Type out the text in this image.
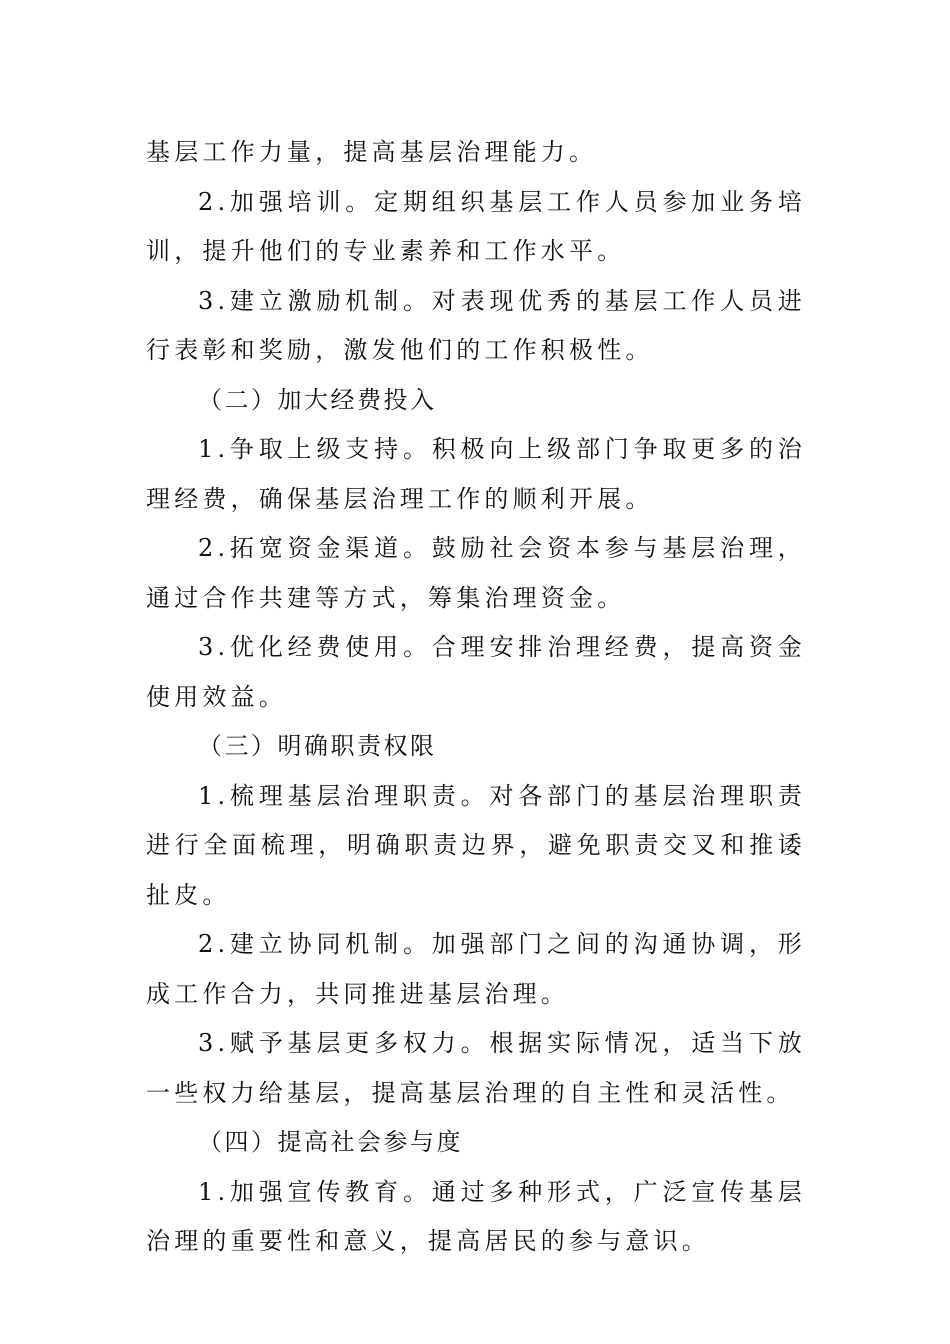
基层工作力量，提高基层治理能力。

2.加强培训。定期组织基层工作人员参加业务培训，提升他们的专业素养和工作水平。

3.建立激励机制。对表现优秀的基层工作人员进行表彰和奖励，激发他们的工作积极性。

（二）加大经费投入

1.争取上级支持。积极向上级部门争取更多的治理经费，确保基层治理工作的顺利开展。

2.拓宽资金渠道。鼓励社会资本参与基层治理，通过合作共建等方式，筹集治理资金。

3.优化经费使用。合理安排治理经费，提高资金使用效益。

（三）明确职责权限

1.梳理基层治理职责。对各部门的基层治理职责进行全面梳理，明确职责边界，避免职责交叉和推诿扯皮。

2.建立协同机制。加强部门之间的沟通协调，形成工作合力，共同推进基层治理。

3.赋予基层更多权力。根据实际情况，适当下放一些权力给基层，提高基层治理的自主性和灵活性。

（四）提高社会参与度

1.加强宣传教育。通过多种形式，广泛宣传基层治理的重要性和意义，提高居民的参与意识。
